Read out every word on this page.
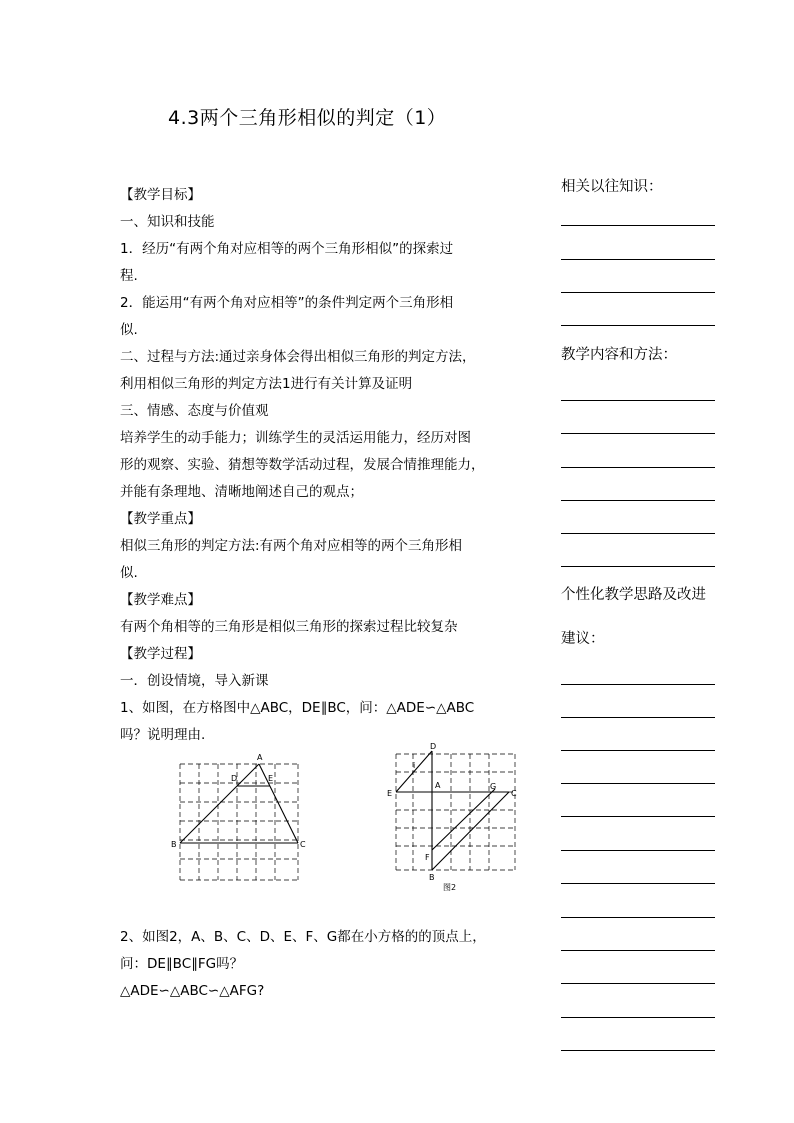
4.3两个三角形相似的判定（1）
【教学目标】
一、知识和技能
1．经历“有两个角对应相等的两个三角形相似”的探索过
程.
2．能运用“有两个角对应相等”的条件判定两个三角形相
似.
二、过程与方法:通过亲身体会得出相似三角形的判定方法，
利用相似三角形的判定方法1进行有关计算及证明
三、情感、态度与价值观
培养学生的动手能力；训练学生的灵活运用能力，经历对图
形的观察、实验、猜想等数学活动过程，发展合情推理能力，
并能有条理地、清晰地阐述自己的观点；
【教学重点】
相似三角形的判定方法:有两个角对应相等的两个三角形相
似.
【教学难点】
有两个角相等的三角形是相似三角形的探索过程比较复杂
【教学过程】
一．创设情境，导入新课
1、如图，在方格图中△ABC，DE∥BC，问：△ADE∽△ABC
吗？说明理由.
2、如图2，A、B、C、D、E、F、G都在小方格的的顶点上，
问：DE∥BC∥FG吗？
△ADE∽△ABC∽△AFG?
A
D	E
B	C
D
i
E
A	G
C
F
B
图2
相关以往知识：
教学内容和方法：
个性化教学思路及改进
建议：
